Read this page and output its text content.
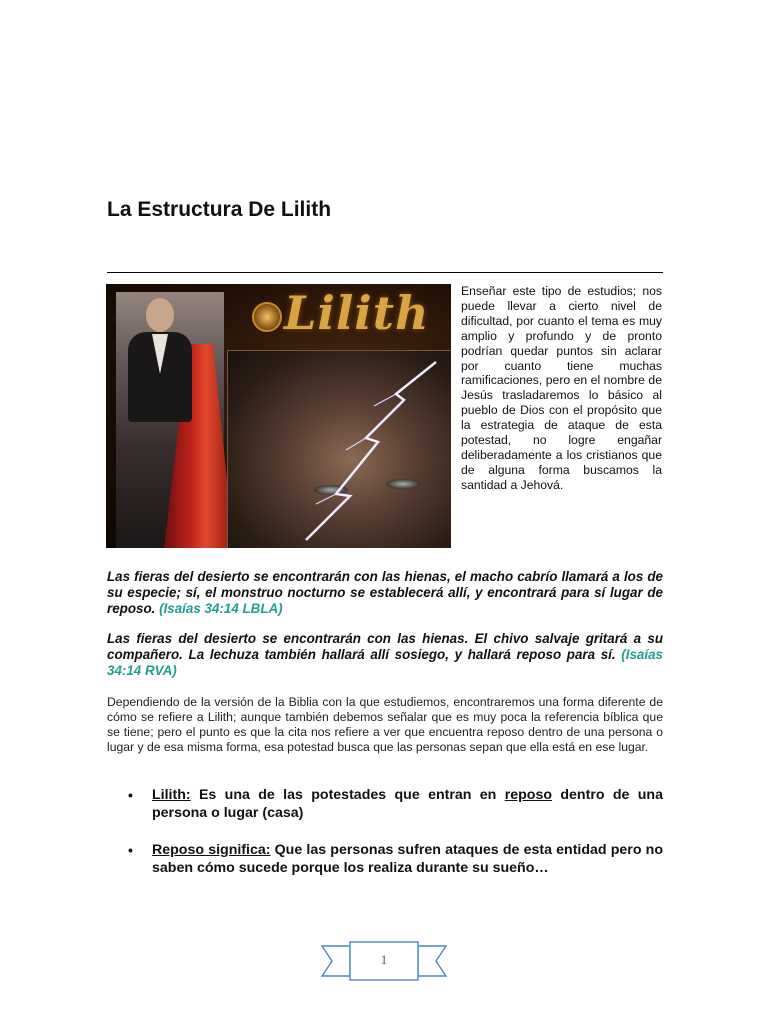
La Estructura De Lilith
Lilith	Enseñar este tipo de estudios; nos puede llevar a cierto nivel de dificultad, por cuanto el tema es muy amplio y profundo y de pronto podrían quedar puntos sin aclarar por cuanto tiene muchas ramificaciones, pero en el nombre de Jesús trasladaremos lo básico al pueblo de Dios con el propósito que la estrategia de ataque de esta potestad, no logre engañar deliberadamente a los cristianos que de alguna forma buscamos la santidad a Jehová.

Las fieras del desierto se encontrarán con las hienas, el macho cabrío llamará a los de su especie; sí, el monstruo nocturno se establecerá allí, y encontrará para sí lugar de reposo. (Isaías 34:14 LBLA)

Las fieras del desierto se encontrarán con las hienas. El chivo salvaje gritará a su compañero. La lechuza también hallará allí sosiego, y hallará reposo para sí. (Isaías 34:14 RVA)

Dependiendo de la versión de la Biblia con la que estudiemos, encontraremos una forma diferente de cómo se refiere a Lilith; aunque también debemos señalar que es muy poca la referencia bíblica que se tiene; pero el punto es que la cita nos refiere a ver que encuentra reposo dentro de una persona o lugar y de esa misma forma, esa potestad busca que las personas sepan que ella está en ese lugar.

• Lilith: Es una de las potestades que entran en reposo dentro de una persona o lugar (casa)
• Reposo significa: Que las personas sufren ataques de esta entidad pero no saben cómo sucede porque los realiza durante su sueño…
1
